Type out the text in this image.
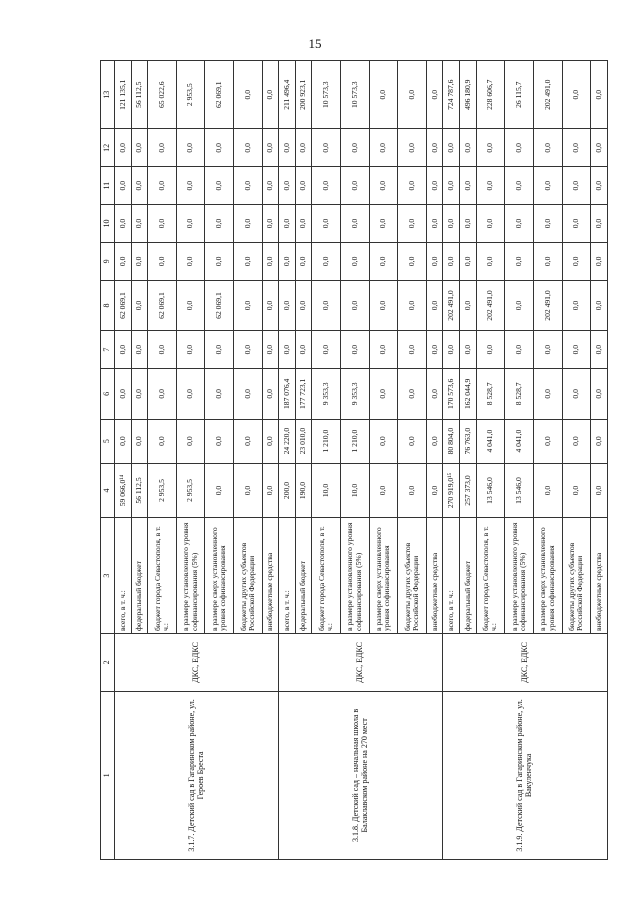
15
1	2	3	4	5	6	7	8	9	10	11	12	13
3.1.7. Детский сад в Гагаринском районе, ул. Героев Бреста	ДКС, ЕДКС	всего, в т. ч.:	59 066,0¹⁴	0,0	0,0	0,0	62 069,1	0,0	0,0	0,0	0,0	121 135,1
		федеральный бюджет	56 112,5	0,0	0,0	0,0	0,0	0,0	0,0	0,0	0,0	56 112,5
		бюджет города Севастополя, в т. ч.:	2 953,5	0,0	0,0	0,0	62 069,1	0,0	0,0	0,0	0,0	65 022,6
		в размере установленного уровня софинансирования (5%)	2 953,5	0,0	0,0	0,0	0,0	0,0	0,0	0,0	0,0	2 953,5
		в размере сверх установленного уровня софинансирования	0,0	0,0	0,0	0,0	62 069,1	0,0	0,0	0,0	0,0	62 069,1
		бюджеты других субъектов Российской Федерации	0,0	0,0	0,0	0,0	0,0	0,0	0,0	0,0	0,0	0,0
		внебюджетные средства	0,0	0,0	0,0	0,0	0,0	0,0	0,0	0,0	0,0	0,0
3.1.8. Детский сад – начальная школа в Балаклавском районе на 270 мест	ДКС, ЕДКС	всего, в т. ч.:	200,0	24 220,0	187 076,4	0,0	0,0	0,0	0,0	0,0	0,0	211 496,4
		федеральный бюджет	190,0	23 010,0	177 723,1	0,0	0,0	0,0	0,0	0,0	0,0	200 923,1
		бюджет города Севастополя, в т. ч.:	10,0	1 210,0	9 353,3	0,0	0,0	0,0	0,0	0,0	0,0	10 573,3
		в размере установленного уровня софинансирования (5%)	10,0	1 210,0	9 353,3	0,0	0,0	0,0	0,0	0,0	0,0	10 573,3
		в размере сверх установленного уровня софинансирования	0,0	0,0	0,0	0,0	0,0	0,0	0,0	0,0	0,0	0,0
		бюджеты других субъектов Российской Федерации	0,0	0,0	0,0	0,0	0,0	0,0	0,0	0,0	0,0	0,0
		внебюджетные средства	0,0	0,0	0,0	0,0	0,0	0,0	0,0	0,0	0,0	0,0
3.1.9. Детский сад в Гагаринском районе, ул. Вакуленчука	ДКС, ЕДКС	всего, в т. ч.:	270 919,0¹⁵	80 804,0	170 573,6	0,0	202 491,0	0,0	0,0	0,0	0,0	724 787,6
		федеральный бюджет	257 373,0	76 763,0	162 044,9	0,0	0,0	0,0	0,0	0,0	0,0	496 180,9
		бюджет города Севастополя, в т. ч.:	13 546,0	4 041,0	8 528,7	0,0	202 491,0	0,0	0,0	0,0	0,0	228 606,7
		в размере установленного уровня софинансирования (5%)	13 546,0	4 041,0	8 528,7	0,0	0,0	0,0	0,0	0,0	0,0	26 115,7
		в размере сверх установленного уровня софинансирования	0,0	0,0	0,0	0,0	202 491,0	0,0	0,0	0,0	0,0	202 491,0
		бюджеты других субъектов Российской Федерации	0,0	0,0	0,0	0,0	0,0	0,0	0,0	0,0	0,0	0,0
		внебюджетные средства	0,0	0,0	0,0	0,0	0,0	0,0	0,0	0,0	0,0	0,0
